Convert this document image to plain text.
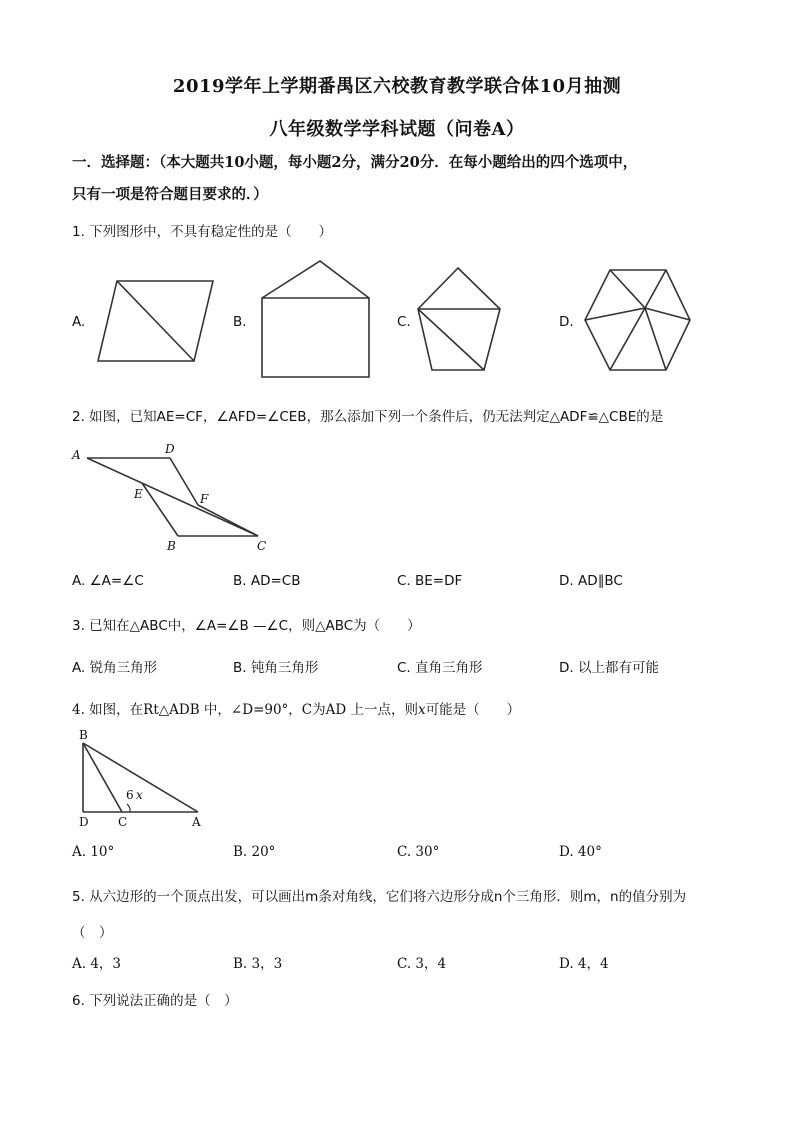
2019学年上学期番禺区六校教育教学联合体10月抽测
八年级数学学科试题（问卷A）
一．选择题：（本大题共10小题，每小题2分，满分20分．在每小题给出的四个选项中，
只有一项是符合题目要求的．）
1. 下列图形中，不具有稳定性的是（　　）
A.	B.	C.	D.
2. 如图，已知AE=CF，∠AFD=∠CEB，那么添加下列一个条件后，仍无法判定△ADF≌△CBE的是
A	D
E	F
B	C
A. ∠A=∠C	B. AD=CB	C. BE=DF	D. AD∥BC
3. 已知在△ABC中，∠A=∠B —∠C，则△ABC为（　　）
A. 锐角三角形	B. 钝角三角形	C. 直角三角形	D. 以上都有可能
4. 如图，在Rt△ADB 中，∠D=90°，C为AD 上一点，则x可能是（　　）
B
6 x
D C	A
A. 10°	B. 20°	C. 30°	D. 40°
5. 从六边形的一个顶点出发，可以画出m条对角线，它们将六边形分成n个三角形．则m，n的值分别为
（　）
A. 4，3	B. 3，3	C. 3，4	D. 4，4
6. 下列说法正确的是（　）
